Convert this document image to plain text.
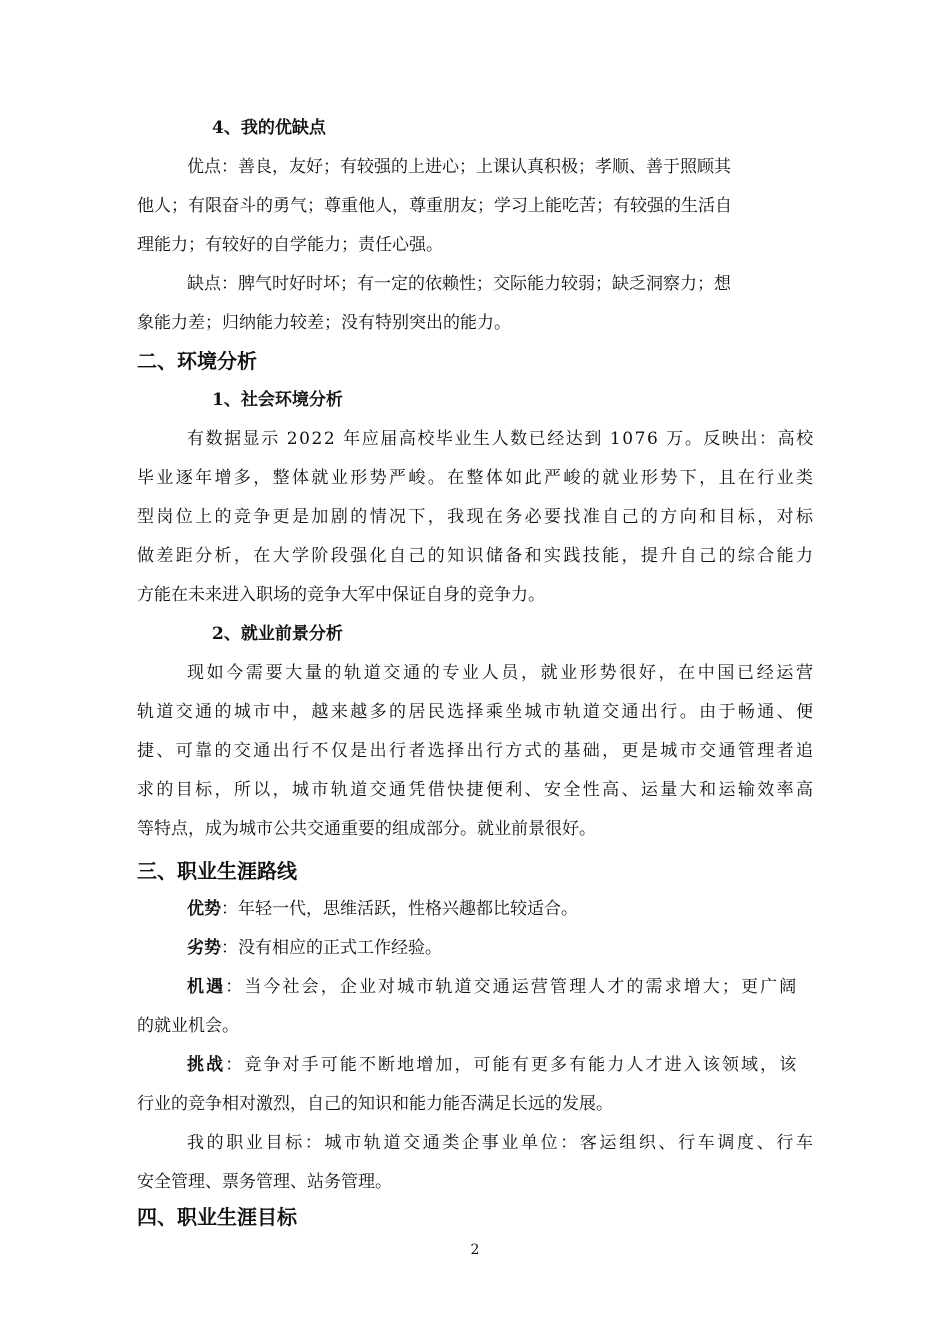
4、我的优缺点
优点：善良，友好；有较强的上进心；上课认真积极；孝顺、善于照顾其
他人；有限奋斗的勇气；尊重他人，尊重朋友；学习上能吃苦；有较强的生活自
理能力；有较好的自学能力；责任心强。
缺点：脾气时好时坏；有一定的依赖性；交际能力较弱；缺乏洞察力；想
象能力差；归纳能力较差；没有特别突出的能力。
二、环境分析
1、社会环境分析
有数据显示 2022 年应届高校毕业生人数已经达到 1076 万。反映出：高校
毕业逐年增多，整体就业形势严峻。在整体如此严峻的就业形势下，且在行业类
型岗位上的竞争更是加剧的情况下，我现在务必要找准自己的方向和目标，对标
做差距分析，在大学阶段强化自己的知识储备和实践技能，提升自己的综合能力
方能在未来进入职场的竞争大军中保证自身的竞争力。
2、就业前景分析
现如今需要大量的轨道交通的专业人员，就业形势很好，在中国已经运营
轨道交通的城市中，越来越多的居民选择乘坐城市轨道交通出行。由于畅通、便
捷、可靠的交通出行不仅是出行者选择出行方式的基础，更是城市交通管理者追
求的目标，所以，城市轨道交通凭借快捷便利、安全性高、运量大和运输效率高
等特点，成为城市公共交通重要的组成部分。就业前景很好。
三、职业生涯路线
优势：年轻一代，思维活跃，性格兴趣都比较适合。
劣势：没有相应的正式工作经验。
机遇：当今社会，企业对城市轨道交通运营管理人才的需求增大；更广阔
的就业机会。
挑战：竞争对手可能不断地增加，可能有更多有能力人才进入该领域，该
行业的竞争相对激烈，自己的知识和能力能否满足长远的发展。
我的职业目标：城市轨道交通类企事业单位：客运组织、行车调度、行车
安全管理、票务管理、站务管理。
四、职业生涯目标
2
